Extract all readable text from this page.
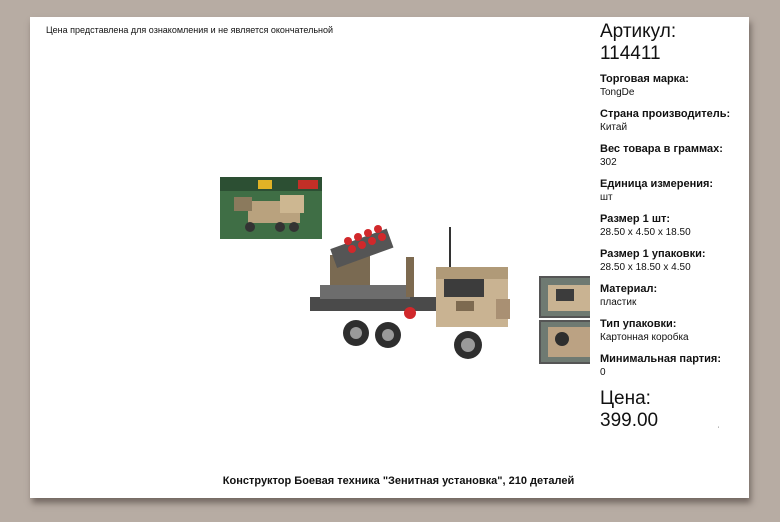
Цена представлена для ознакомления и не является окончательной	Артикул:
114411
Торговая марка:
TongDe
Страна производитель:
Китай
Вес товара в граммах:
302
Единица измерения:
шт
Размер 1 шт:
28.50 x 4.50 x 18.50
Размер 1 упаковки:
28.50 x 18.50 x 4.50
Материал:
пластик
Тип упаковки:
Картонная коробка
Минимальная партия:
0
Цена:
399.00	'
Конструктор Боевая техника "Зенитная установка", 210 деталей
